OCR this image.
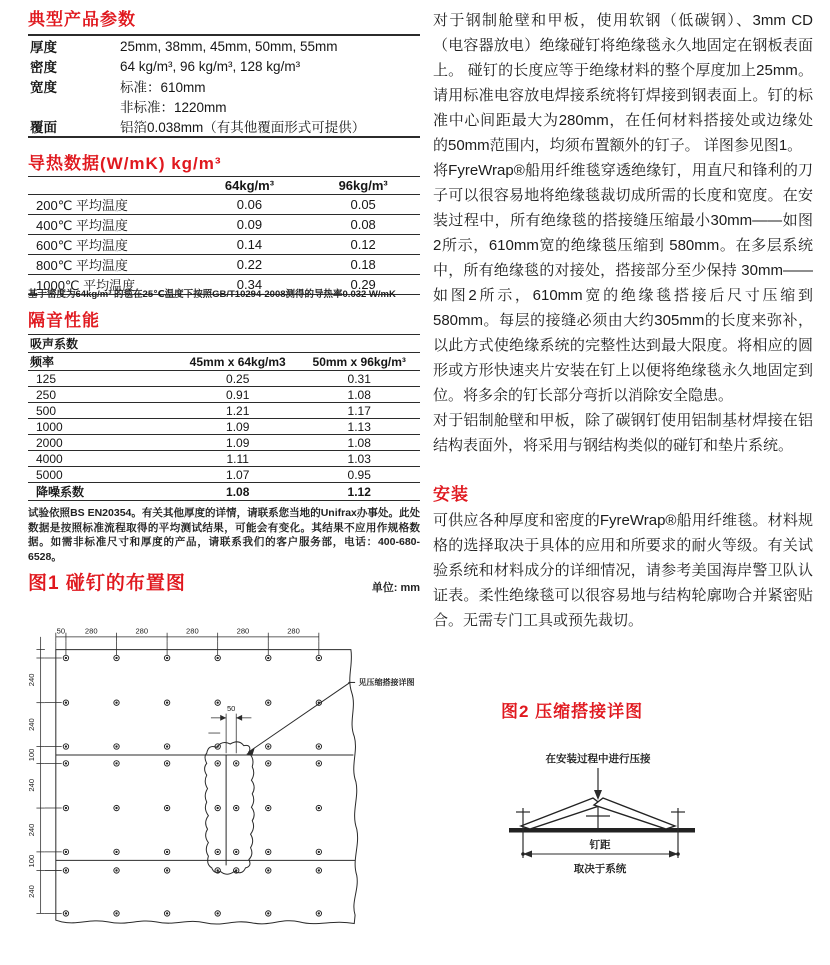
典型产品参数
厚度	25mm, 38mm, 45mm, 50mm, 55mm
密度	64 kg/m³, 96 kg/m³, 128 kg/m³
宽度	标准：610mm
	非标准：1220mm
覆面	铝箔0.038mm（有其他覆面形式可提供）
导热数据(W/mK) kg/m³
	64kg/m³	96kg/m³
200℃ 平均温度	0.06	0.05
400℃ 平均温度	0.09	0.08
600℃ 平均温度	0.14	0.12
800℃ 平均温度	0.22	0.18
1000℃ 平均温度	0.34	0.29
基于密度为64kg/m³ 的毯在25℃温度下按照GB/T10294-2008测得的导热率0.032 W/mK
隔音性能
吸声系数		
频率	45mm x 64kg/m3	50mm x 96kg/m³
125	0.25	0.31
250	0.91	1.08
500	1.21	1.17
1000	1.09	1.13
2000	1.09	1.08
4000	1.11	1.03
5000	1.07	0.95
降噪系数	1.08	1.12
试验依照BS EN20354。有关其他厚度的详情，请联系您当地的Unifrax办事处。此处数据是按照标准流程取得的平均测试结果，可能会有变化。其结果不应用作规格数据。如需非标准尺寸和厚度的产品，请联系我们的客户服务部，电话：400-680-6528。
图1 碰钉的布置图	单位: mm
50 280	280	280	280	280
240
240
100
240
240
100
240
50
见压缩搭接详图

对于钢制舱壁和甲板，使用软钢（低碳钢）、3mm CD（电容器放电）绝缘碰钉将绝缘毯永久地固定在钢板表面上。 碰钉的长度应等于绝缘材料的整个厚度加上25mm。请用标准电容放电焊接系统将钉焊接到钢表面上。钉的标准中心间距最大为280mm，在任何材料搭接处或边缘处的50mm范围内，均须布置额外的钉子。 详图参见图1。

将FyreWrap®船用纤维毯穿透绝缘钉，用直尺和锋利的刀子可以很容易地将绝缘毯裁切成所需的长度和宽度。在安装过程中，所有绝缘毯的搭接缝压缩最小30mm——如图2所示，610mm宽的绝缘毯压缩到 580mm。在多层系统中，所有绝缘毯的对接处，搭接部分至少保持 30mm——如图2所示，610mm宽的绝缘毯搭接后尺寸压缩到580mm。每层的接缝必须由大约305mm的长度来弥补，以此方式使绝缘系统的完整性达到最大限度。将相应的圆形或方形快速夹片安装在钉上以便将绝缘毯永久地固定到位。将多余的钉长部分弯折以消除安全隐患。

对于铝制舱壁和甲板，除了碳钢钉使用铝制基材焊接在铝结构表面外，将采用与钢结构类似的碰钉和垫片系统。

安装

可供应各种厚度和密度的FyreWrap®船用纤维毯。材料规格的选择取决于具体的应用和所要求的耐火等级。有关试验系统和材料成分的详细情况，请参考美国海岸警卫队认证表。柔性绝缘毯可以很容易地与结构轮廓吻合并紧密贴合。无需专门工具或预先裁切。

图2 压缩搭接详图
在安装过程中进行压接
钉距
取决于系统
